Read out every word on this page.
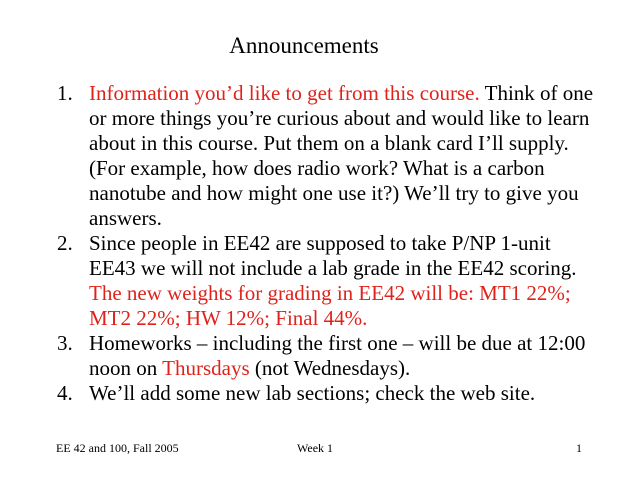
Announcements
1. Information you’d like to get from this course. Think of one or more things you’re curious about and would like to learn about in this course. Put them on a blank card I’ll supply. (For example, how does radio work? What is a carbon nanotube and how might one use it?) We’ll try to give you answers.
2. Since people in EE42 are supposed to take P/NP 1-unit EE43 we will not include a lab grade in the EE42 scoring. The new weights for grading in EE42 will be: MT1 22%; MT2 22%; HW 12%; Final 44%.
3. Homeworks – including the first one – will be due at 12:00 noon on Thursdays (not Wednesdays).
4. We’ll add some new lab sections; check the web site.
EE 42 and 100, Fall 2005	Week 1	1
